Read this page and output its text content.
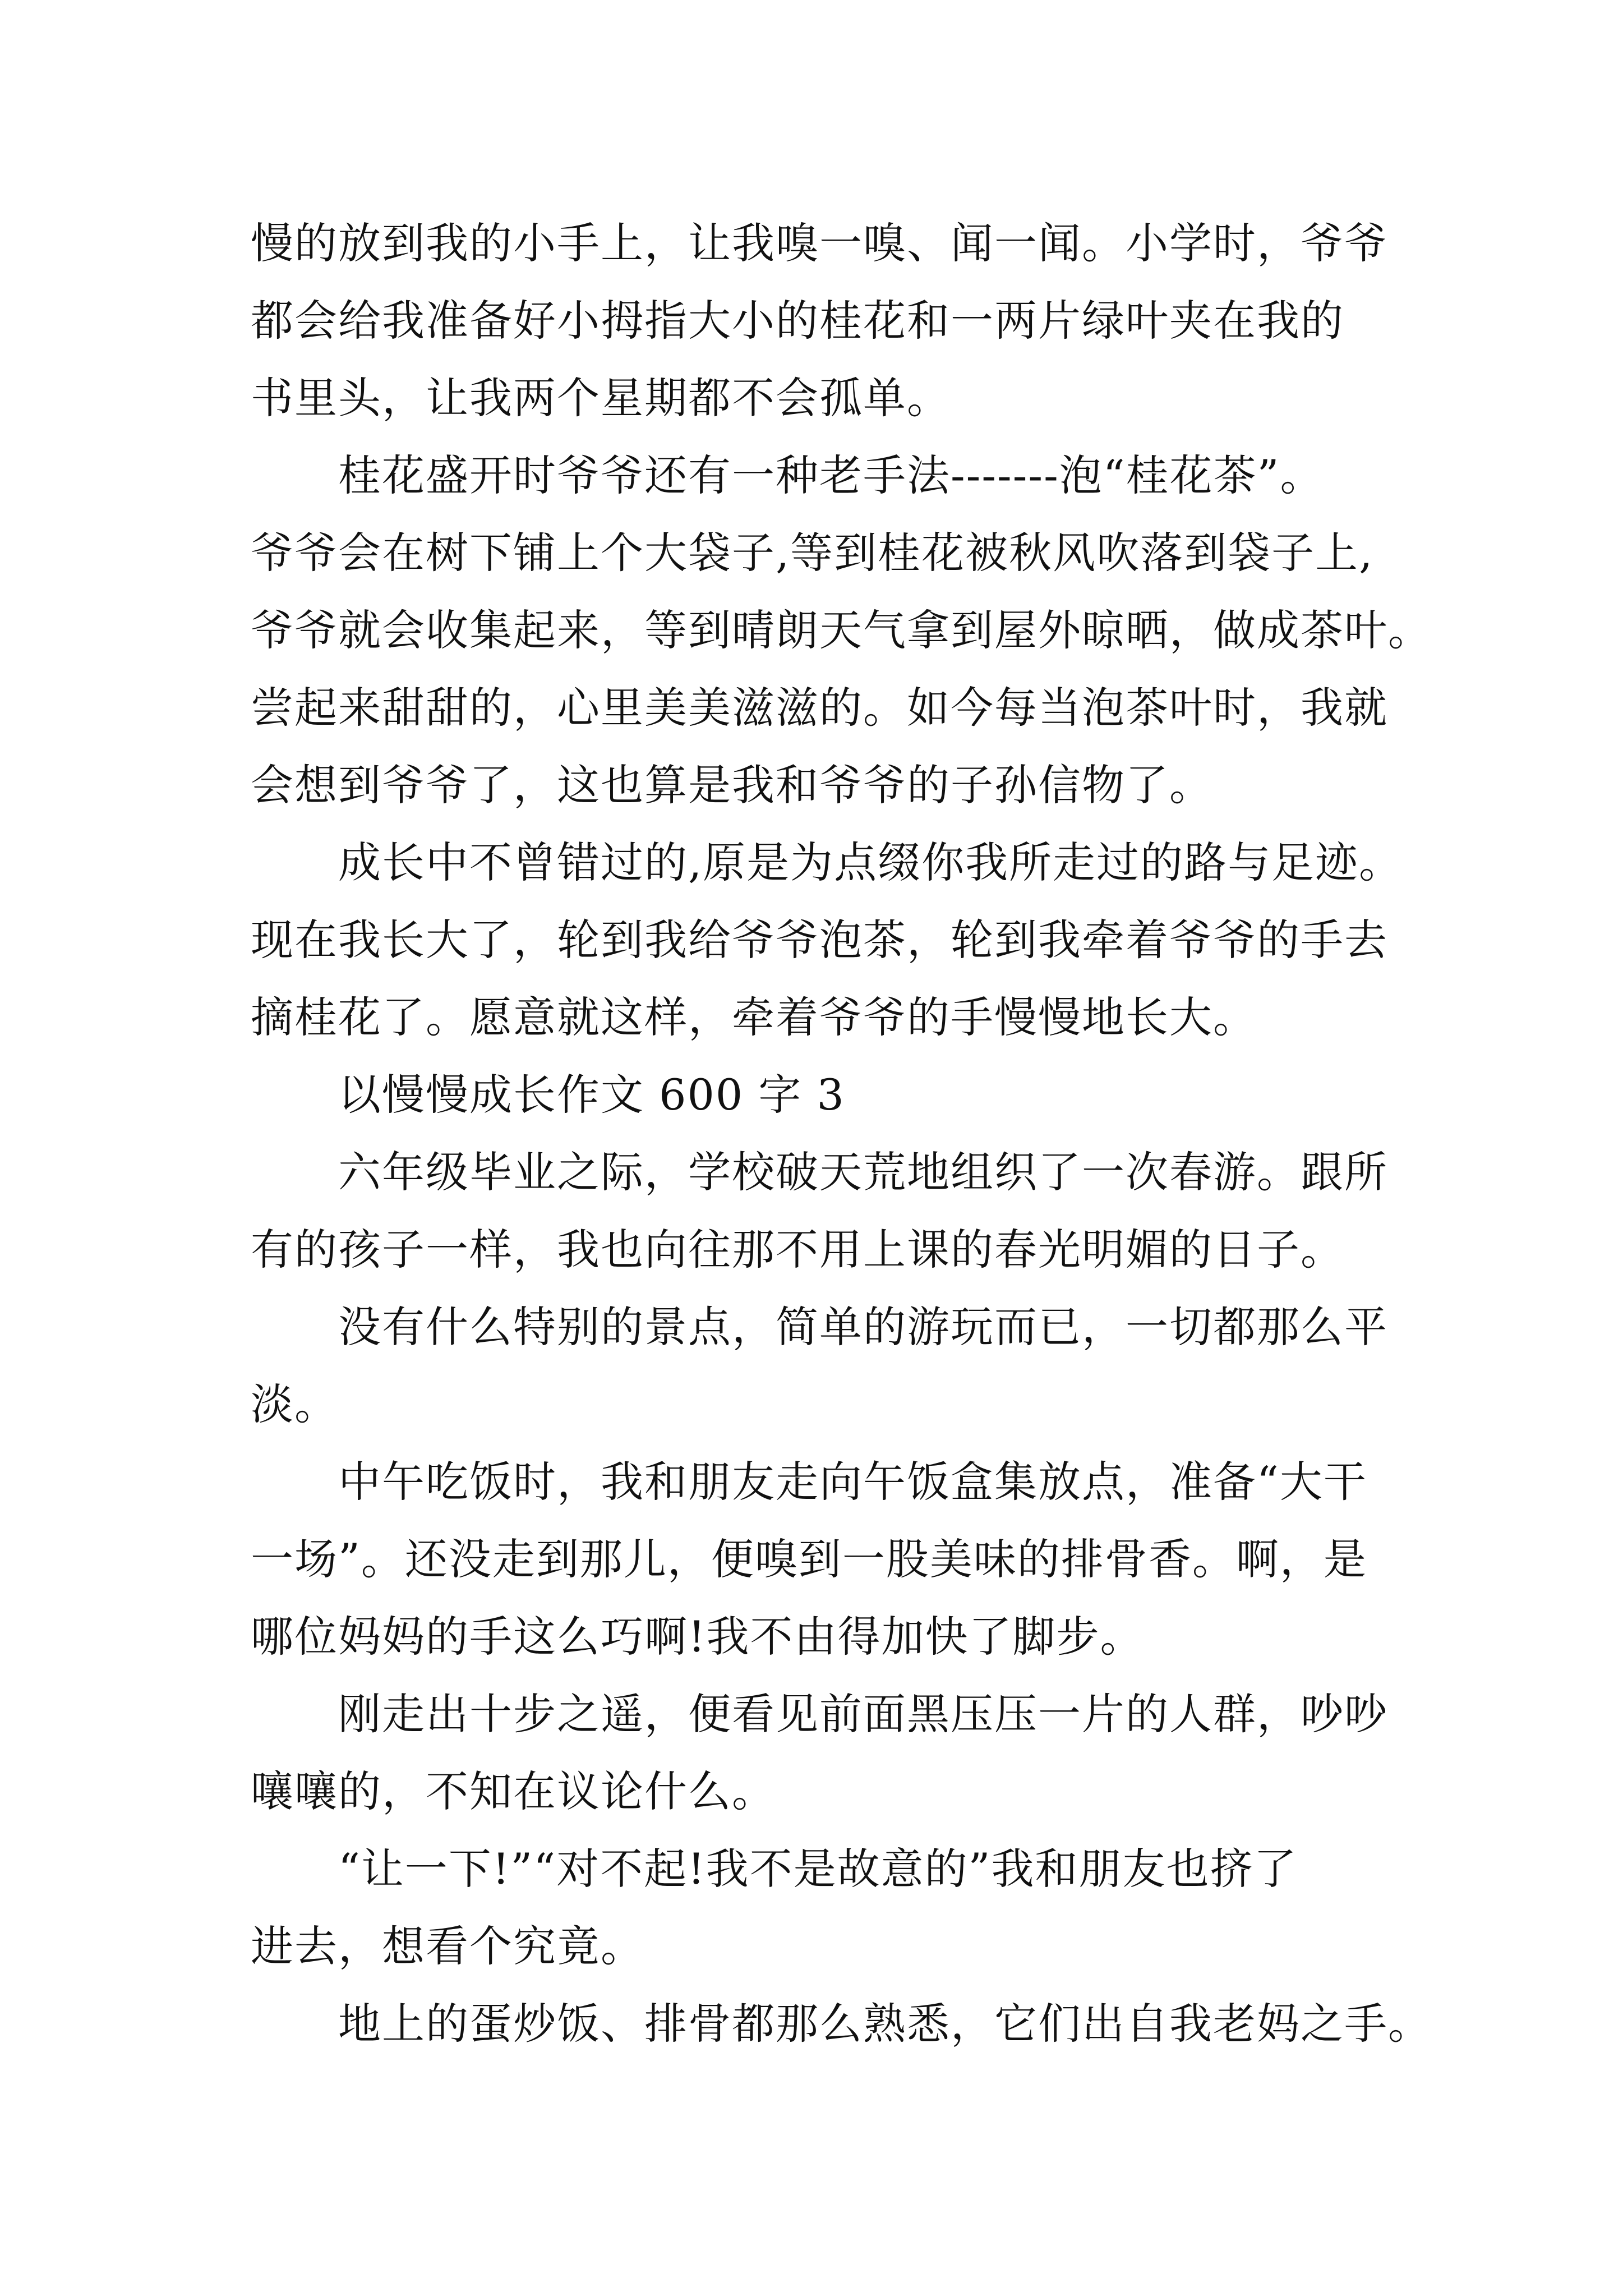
慢的放到我的小手上，让我嗅一嗅、闻一闻。小学时，爷爷
都会给我准备好小拇指大小的桂花和一两片绿叶夹在我的
书里头，让我两个星期都不会孤单。
桂花盛开时爷爷还有一种老手法-------泡“桂花茶”。
爷爷会在树下铺上个大袋子,等到桂花被秋风吹落到袋子上,
爷爷就会收集起来，等到晴朗天气拿到屋外晾晒，做成茶叶。
尝起来甜甜的，心里美美滋滋的。如今每当泡茶叶时，我就
会想到爷爷了，这也算是我和爷爷的子孙信物了。
成长中不曾错过的,原是为点缀你我所走过的路与足迹。
现在我长大了，轮到我给爷爷泡茶，轮到我牵着爷爷的手去
摘桂花了。愿意就这样，牵着爷爷的手慢慢地长大。
以慢慢成长作文 600 字 3
六年级毕业之际，学校破天荒地组织了一次春游。跟所
有的孩子一样，我也向往那不用上课的春光明媚的日子。
没有什么特别的景点，简单的游玩而已，一切都那么平
淡。
中午吃饭时，我和朋友走向午饭盒集放点，准备“大干
一场”。还没走到那儿，便嗅到一股美味的排骨香。啊，是
哪位妈妈的手这么巧啊!我不由得加快了脚步。
刚走出十步之遥，便看见前面黑压压一片的人群，吵吵
嚷嚷的，不知在议论什么。
“让一下!”“对不起!我不是故意的”我和朋友也挤了
进去，想看个究竟。
地上的蛋炒饭、排骨都那么熟悉，它们出自我老妈之手。
